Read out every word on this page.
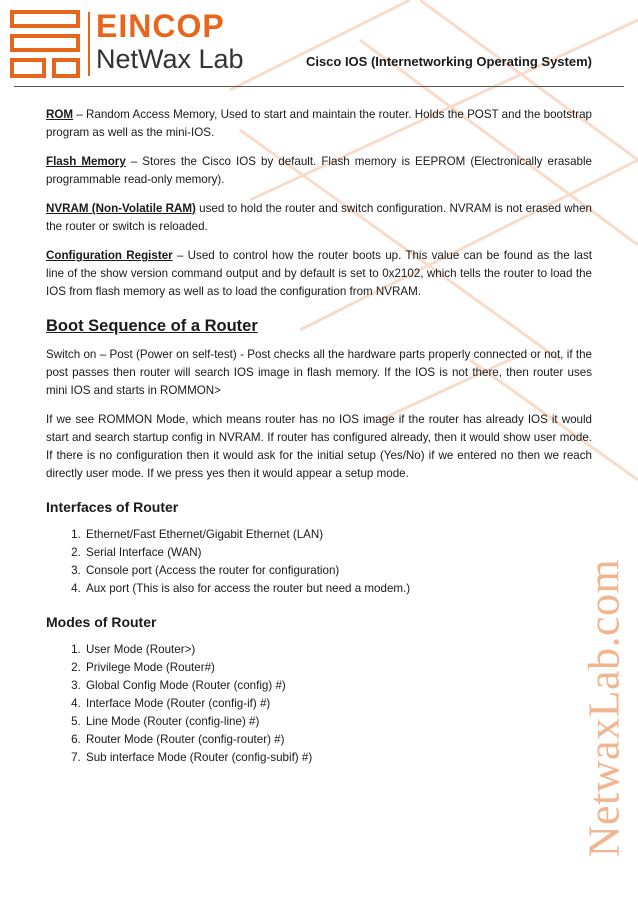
NetwaxLab.com
EINCOP
NetWax Lab	Cisco IOS (Internetworking Operating System)

ROM – Random Access Memory, Used to start and maintain the router. Holds the POST and the bootstrap program as well as the mini-IOS.

Flash Memory – Stores the Cisco IOS by default. Flash memory is EEPROM (Electronically erasable programmable read-only memory).

NVRAM (Non-Volatile RAM) used to hold the router and switch configuration. NVRAM is not erased when the router or switch is reloaded.

Configuration Register – Used to control how the router boots up. This value can be found as the last line of the show version command output and by default is set to 0x2102, which tells the router to load the IOS from flash memory as well as to load the configuration from NVRAM.

Boot Sequence of a Router

Switch on – Post (Power on self-test) - Post checks all the hardware parts properly connected or not, if the post passes then router will search IOS image in flash memory. If the IOS is not there, then router uses mini IOS and starts in ROMMON>

If we see ROMMON Mode, which means router has no IOS image if the router has already IOS it would start and search startup config in NVRAM. If router has configured already, then it would show user mode. If there is no configuration then it would ask for the initial setup (Yes/No) if we entered no then we reach directly user mode. If we press yes then it would appear a setup mode.

Interfaces of Router
1. Ethernet/Fast Ethernet/Gigabit Ethernet (LAN)
2. Serial Interface (WAN)
3. Console port (Access the router for configuration)
4. Aux port (This is also for access the router but need a modem.)
Modes of Router
1. User Mode (Router>)
2. Privilege Mode (Router#)
3. Global Config Mode (Router (config) #)
4. Interface Mode (Router (config-if) #)
5. Line Mode (Router (config-line) #)
6. Router Mode (Router (config-router) #)
7. Sub interface Mode (Router (config-subif) #)
